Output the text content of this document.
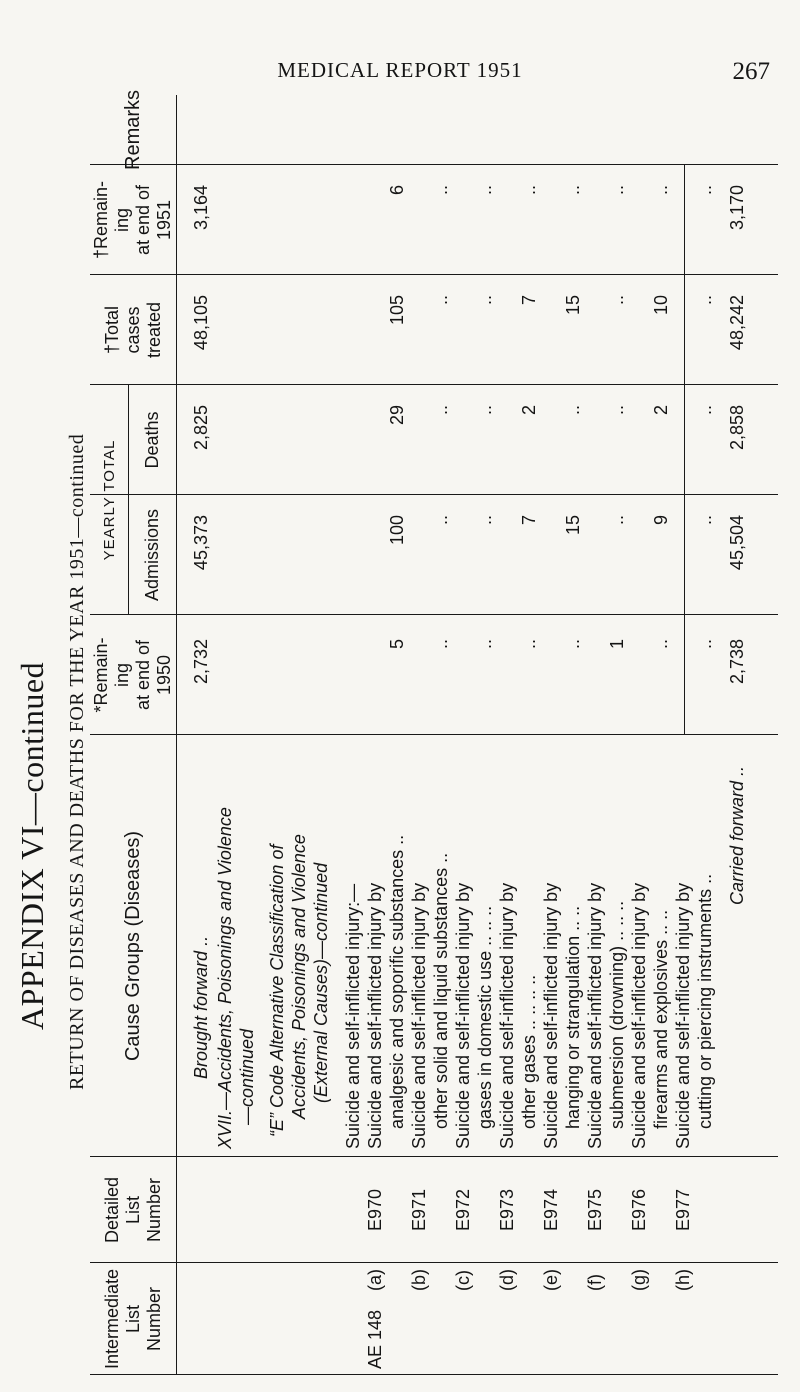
APPENDIX VI—continued RETURN OF DISEASES AND DEATHS FOR THE YEAR 1951—continued
MEDICAL REPORT 1951	267
Intermediate List Number
Detailed List Number
Cause Groups (Diseases)
*Remain- ing at end of 1950
YEARLY TOTAL	Admissions
Deaths
†Total cases treated
†Remain- ing at end of 1951
Remarks
AE 148
(a) (b) (c) (d) (e) (f) (g) (h)
E970 E971 E972 E973 E974 E975 E976 E977
Brought forward .. XVII.—Accidents, Poisonings and Violence —continued “E” Code Alternative Classification of Accidents, Poisonings and Violence (External Causes)—continued Suicide and self-inflicted injury:— Suicide and self-inflicted injury by analgesic and soporific substances .. Suicide and self-inflicted injury by other solid and liquid substances .. Suicide and self-inflicted injury by gases in domestic use .. .. .. Suicide and self-inflicted injury by other gases .. .. .. .. Suicide and self-inflicted injury by hanging or strangulation .. .. Suicide and self-inflicted injury by submersion (drowning) .. .. .. Suicide and self-inflicted injury by firearms and explosives .. .. Suicide and self-inflicted injury by cutting or piercing instruments ..
Carried forward ..
2,732
45,373
2,825
48,105
3,164
5
100
29
105
6
..
..
..
..
..
..
..
..
..
..
..
7
2
7
..
..
15
..
15
..
1
..
..
..
..
..
9
2
10
..
..
..
..
..
..
2,738
45,504
2,858
48,242
3,170
